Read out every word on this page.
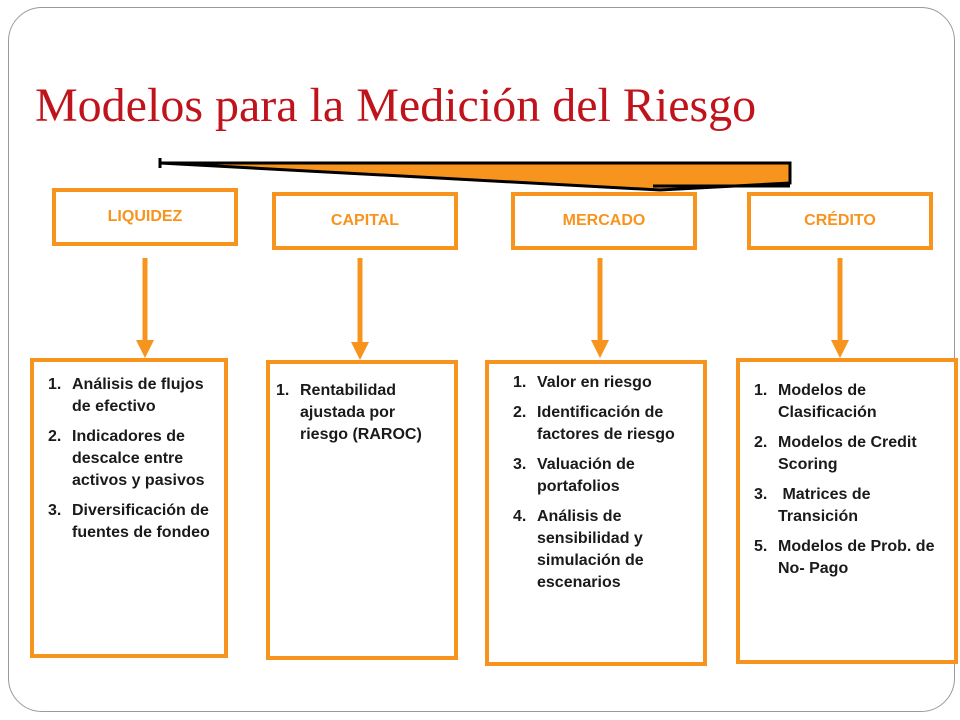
Modelos para la Medición del Riesgo
LIQUIDEZ	CAPITAL	MERCADO	CRÉDITO
1. Análisis de flujos de efectivo
2. Indicadores de descalce entre activos y pasivos
3. Diversificación de fuentes de fondeo
1. Rentabilidad ajustada por riesgo (RAROC)
1. Valor en riesgo
2. Identificación de factores de riesgo
3. Valuación de portafolios
4. Análisis de sensibilidad y simulación de escenarios
1. Modelos de Clasificación
2. Modelos de Credit Scoring
3. Matrices de Transición
5. Modelos de Prob. de No- Pago
